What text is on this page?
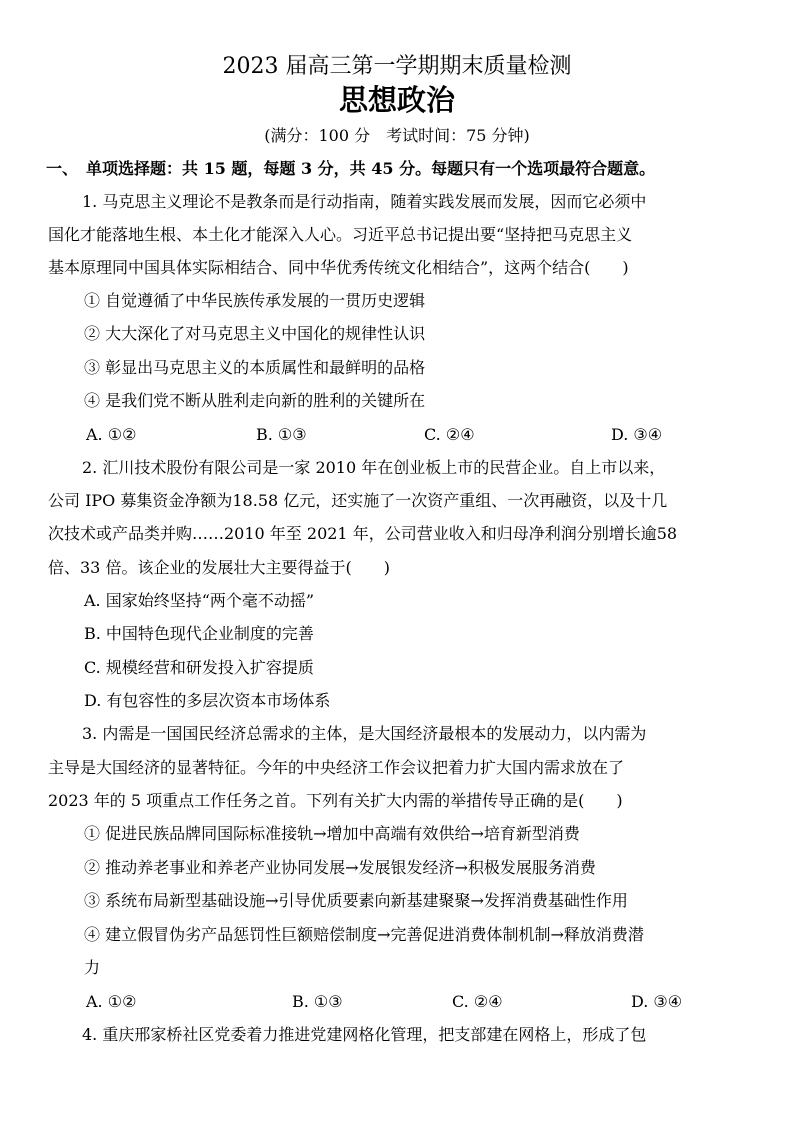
2023 届高三第一学期期末质量检测
思想政治
(满分：100 分　考试时间：75 分钟)
一、　单项选择题：共 15 题，每题 3 分，共 45 分。每题只有一个选项最符合题意。
1. 马克思主义理论不是教条而是行动指南，随着实践发展而发展，因而它必须中
国化才能落地生根、本土化才能深入人心。习近平总书记提出要“坚持把马克思主义
基本原理同中国具体实际相结合、同中华优秀传统文化相结合”，这两个结合(　　)
① 自觉遵循了中华民族传承发展的一贯历史逻辑
② 大大深化了对马克思主义中国化的规律性认识
③ 彰显出马克思主义的本质属性和最鲜明的品格
④ 是我们党不断从胜利走向新的胜利的关键所在
A. ①②	B. ①③	C. ②④	D. ③④
2. 汇川技术股份有限公司是一家 2010 年在创业板上市的民营企业。自上市以来，
公司 IPO 募集资金净额为18.58 亿元，还实施了一次资产重组、一次再融资，以及十几
次技术或产品类并购……2010 年至 2021 年，公司营业收入和归母净利润分别增长逾58
倍、33 倍。该企业的发展壮大主要得益于(　　)
A. 国家始终坚持“两个毫不动摇”
B. 中国特色现代企业制度的完善
C. 规模经营和研发投入扩容提质
D. 有包容性的多层次资本市场体系
3. 内需是一国国民经济总需求的主体，是大国经济最根本的发展动力，以内需为
主导是大国经济的显著特征。今年的中央经济工作会议把着力扩大国内需求放在了
2023 年的 5 项重点工作任务之首。下列有关扩大内需的举措传导正确的是(　　)
① 促进民族品牌同国际标准接轨→增加中高端有效供给→培育新型消费
② 推动养老事业和养老产业协同发展→发展银发经济→积极发展服务消费
③ 系统布局新型基础设施→引导优质要素向新基建聚聚→发挥消费基础性作用
④ 建立假冒伪劣产品惩罚性巨额赔偿制度→完善促进消费体制机制→释放消费潜
力
A. ①②	B. ①③	C. ②④	D. ③④
4. 重庆邢家桥社区党委着力推进党建网格化管理，把支部建在网格上，形成了包
